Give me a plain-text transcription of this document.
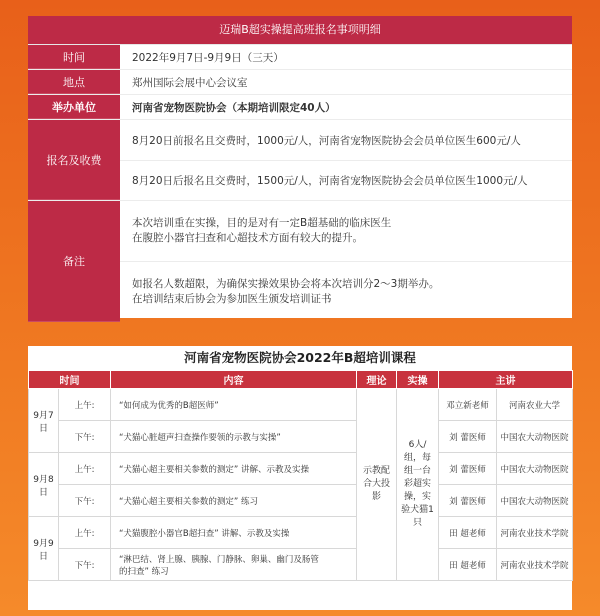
迈瑞B超实操提高班报名事项明细
时间	2022年9月7日-9月9日（三天）
地点	郑州国际会展中心会议室
举办单位	河南省宠物医院协会（本期培训限定40人）
报名及收费
8月20日前报名且交费时，1000元/人，河南省宠物医院协会会员单位医生600元/人
8月20日后报名且交费时，1500元/人，河南省宠物医院协会会员单位医生1000元/人
备注
本次培训重在实操，目的是对有一定B超基础的临床医生
在腹腔小器官扫查和心超技术方面有较大的提升。
如报名人数超限，为确保实操效果协会将本次培训分2～3期举办。
在培训结束后协会为参加医生颁发培训证书
河南省宠物医院协会2022年B超培训课程
时间		内容	理论	实操	主讲	
9月7日	上午:	“如何成为优秀的B超医师”	示教配合大投影	6人/组，每组一台彩超实操，实验犬猫1只	邓立新老师	河南农业大学
	下午:	“犬猫心脏超声扫查操作要领的示教与实操”			刘 蕾医师	中国农大动物医院
9月8日	上午:	“犬猫心超主要相关参数的测定” 讲解、示教及实操			刘 蕾医师	中国农大动物医院
	下午:	“犬猫心超主要相关参数的测定” 练习			刘 蕾医师	中国农大动物医院
9月9日	上午:	“犬猫腹腔小器官B超扫查” 讲解、示教及实操			田 超老师	河南农业技术学院
	下午:	“淋巴结、肾上腺、胰腺、门静脉、卵巢、幽门及肠管
的扫查” 练习			田 超老师	河南农业技术学院
